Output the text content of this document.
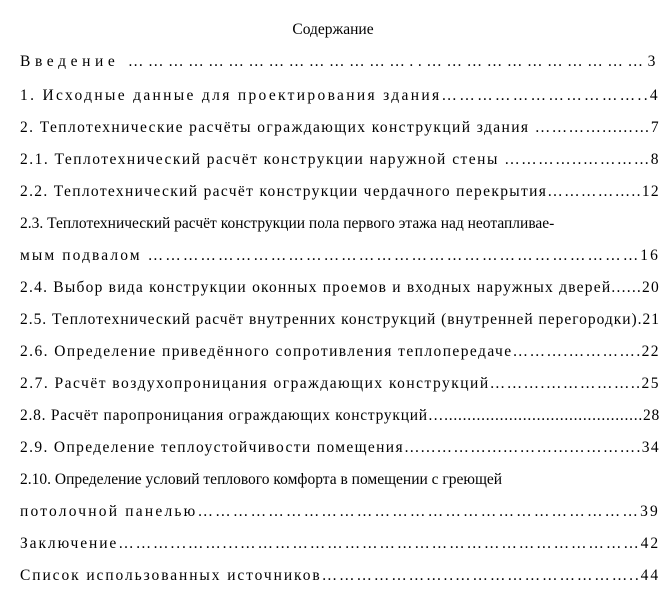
Содержание
Введение ……………………………………..……………………………3
1. Исходные данные для проектирования здания……………………………..4
2. Теплотехнические расчёты ограждающих конструкций здания …………......…7
2.1. Теплотехнический расчёт конструкции наружной стены …………..…………8
2.2. Теплотехнический расчёт конструкции чердачного перекрытия……………..12
2.3. Теплотехнический расчёт конструкции пола первого этажа над неотапливае-
мым подвалом …………………………………………………………………………16
2.4. Выбор вида конструкции оконных проемов и входных наружных дверей......20
2.5. Теплотехнический расчёт внутренних конструкций (внутренней перегородки).21
2.6. Определение приведённого сопротивления теплопередаче……….………….22
2.7. Расчёт воздухопроницания ограждающих конструкций……….……………..25
2.8. Расчёт паропроницания ограждающих конструкций…...........................................28
2.9. Определение теплоустойчивости помещения…...………...………...………….34
2.10. Определение условий теплового комфорта в помещении с греющей
потолочной панелью…………………………………………………………………39
Заключение………...……...……………………………………………………………42
Список использованных источников…………………..…………………………..44
